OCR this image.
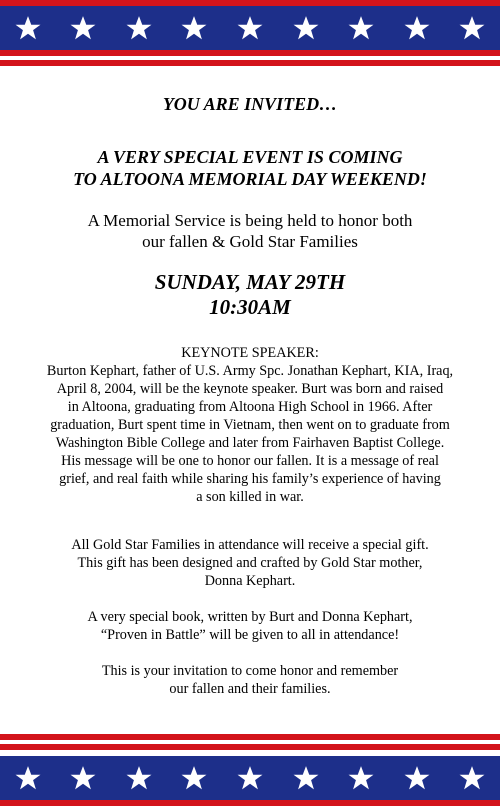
YOU ARE INVITED…
A VERY SPECIAL EVENT IS COMING
TO ALTOONA MEMORIAL DAY WEEKEND!

A Memorial Service is being held to honor both
our fallen & Gold Star Families

SUNDAY, MAY 29TH
10:30AM

KEYNOTE SPEAKER:
Burton Kephart, father of U.S. Army Spc. Jonathan Kephart, KIA, Iraq,
April 8, 2004, will be the keynote speaker. Burt was born and raised
in Altoona, graduating from Altoona High School in 1966. After
graduation, Burt spent time in Vietnam, then went on to graduate from
Washington Bible College and later from Fairhaven Baptist College.
His message will be one to honor our fallen. It is a message of real
grief, and real faith while sharing his family’s experience of having
a son killed in war.

All Gold Star Families in attendance will receive a special gift.
This gift has been designed and crafted by Gold Star mother,
Donna Kephart.

A very special book, written by Burt and Donna Kephart,
“Proven in Battle” will be given to all in attendance!

This is your invitation to come honor and remember
our fallen and their families.
